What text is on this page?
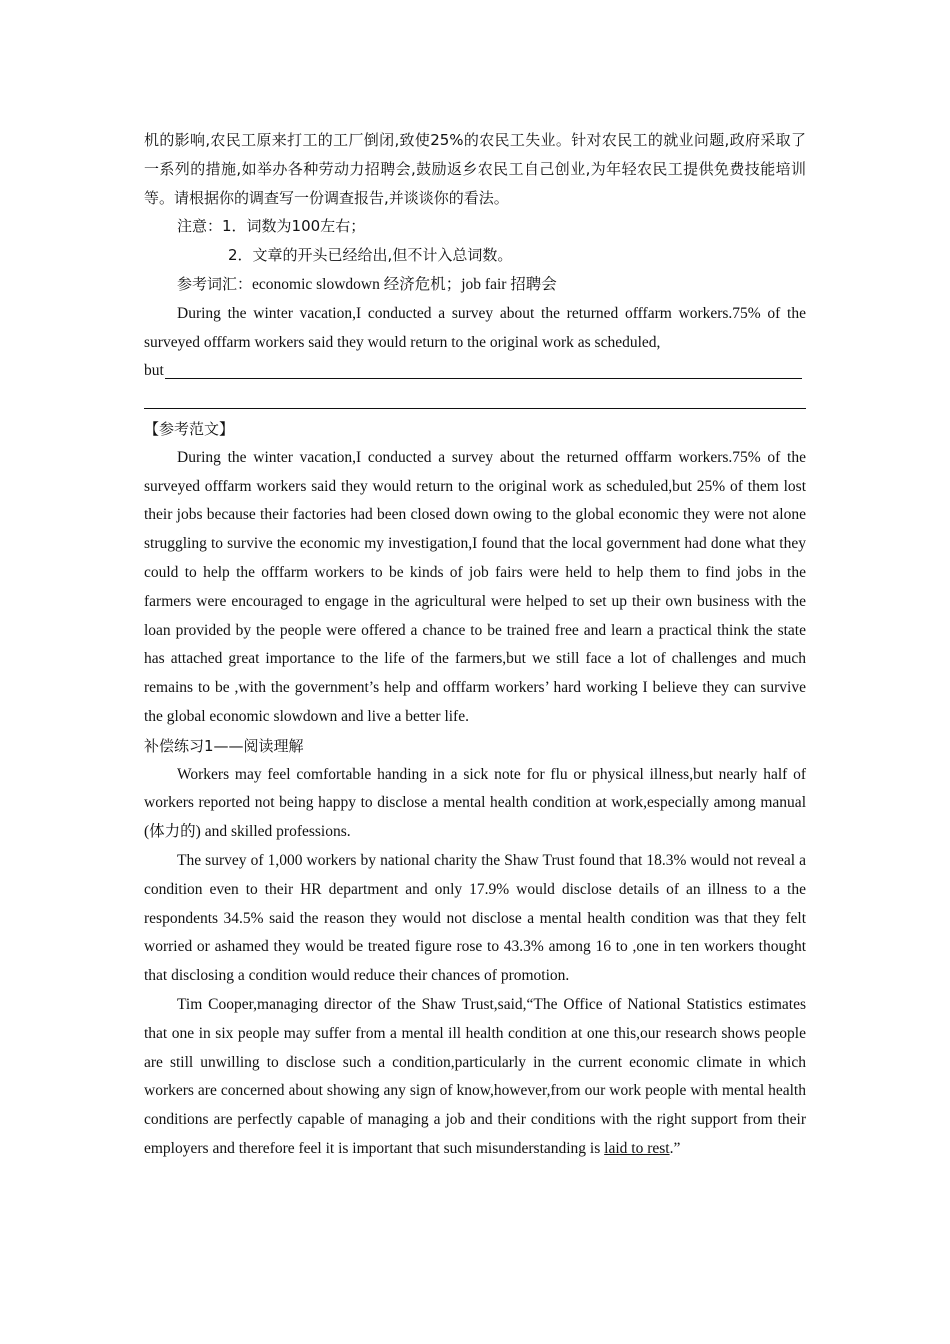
机的影响,农民工原来打工的工厂倒闭,致使25%的农民工失业。针对农民工的就业问题,政府采取了一系列的措施,如举办各种劳动力招聘会,鼓励返乡农民工自己创业,为年轻农民工提供免费技能培训等。请根据你的调查写一份调查报告,并谈谈你的看法。

注意：1．词数为100左右；

2．文章的开头已经给出,但不计入总词数。

参考词汇：economic slowdown 经济危机；job fair 招聘会

During the winter vacation,I conducted a survey about the returned offfarm workers.75% of the surveyed offfarm workers said they would return to the original work as scheduled,

but

【参考范文】

During the winter vacation,I conducted a survey about the returned offfarm workers.75% of the surveyed offfarm workers said they would return to the original work as scheduled,but 25% of them lost their jobs because their factories had been closed down owing to the global economic they were not alone struggling to survive the economic my investigation,I found that the local government had done what they could to help the offfarm workers to be kinds of job fairs were held to help them to find jobs in the farmers were encouraged to engage in the agricultural were helped to set up their own business with the loan provided by the people were offered a chance to be trained free and learn a practical think the state has attached great importance to the life of the farmers,but we still face a lot of challenges and much remains to be ,with the government’s help and offfarm workers’ hard working I believe they can survive the global economic slowdown and live a better life.

补偿练习1——阅读理解

Workers may feel comfortable handing in a sick note for flu or physical illness,but nearly half of workers reported not being happy to disclose a mental health condition at work,especially among manual (体力的) and skilled professions.

The survey of 1,000 workers by national charity the Shaw Trust found that 18.3% would not reveal a condition even to their HR department and only 17.9% would disclose details of an illness to a the respondents 34.5% said the reason they would not disclose a mental health condition was that they felt worried or ashamed they would be treated figure rose to 43.3% among 16 to ,one in ten workers thought that disclosing a condition would reduce their chances of promotion.

Tim Cooper,managing director of the Shaw Trust,said,“The Office of National Statistics estimates that one in six people may suffer from a mental ill health condition at one this,our research shows people are still unwilling to disclose such a condition,particularly in the current economic climate in which workers are concerned about showing any sign of know,however,from our work people with mental health conditions are perfectly capable of managing a job and their conditions with the right support from their employers and therefore feel it is important that such misunderstanding is laid to rest.”
